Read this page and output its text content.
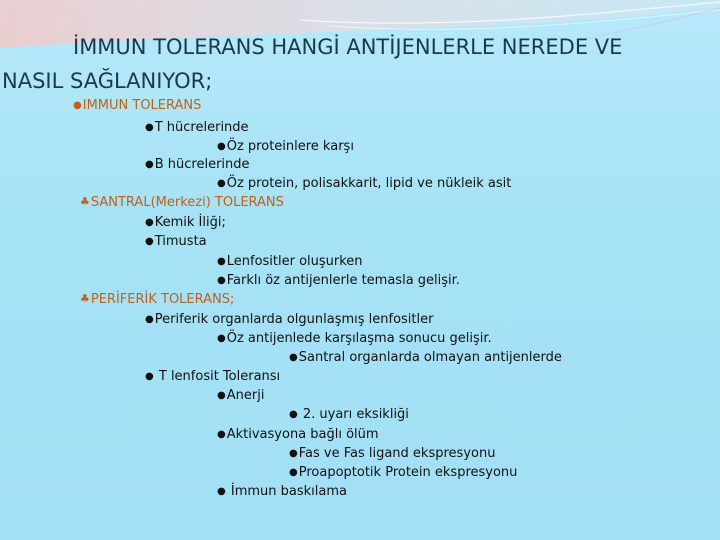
İMMUN TOLERANS HANGİ ANTİJENLERLE NEREDE VE
NASIL SAĞLANIYOR;
●IMMUN TOLERANS
●T hücrelerinde
●Öz proteinlere karşı
●B hücrelerinde
●Öz protein, polisakkarit, lipid ve nükleik asit
♣SANTRAL(Merkezi) TOLERANS
●Kemik İliği;
●Timusta
●Lenfositler oluşurken
●Farklı öz antijenlerle temasla gelişir.
♣PERİFERİK TOLERANS;
●Periferik organlarda olgunlaşmış lenfositler
●Öz antijenlede karşılaşma sonucu gelişir.
●Santral organlarda olmayan antijenlerde
● T lenfosit Toleransı
●Anerji
● 2. uyarı eksikliği
●Aktivasyona bağlı ölüm
●Fas ve Fas ligand ekspresyonu
●Proapoptotik Protein ekspresyonu
● İmmun baskılama
